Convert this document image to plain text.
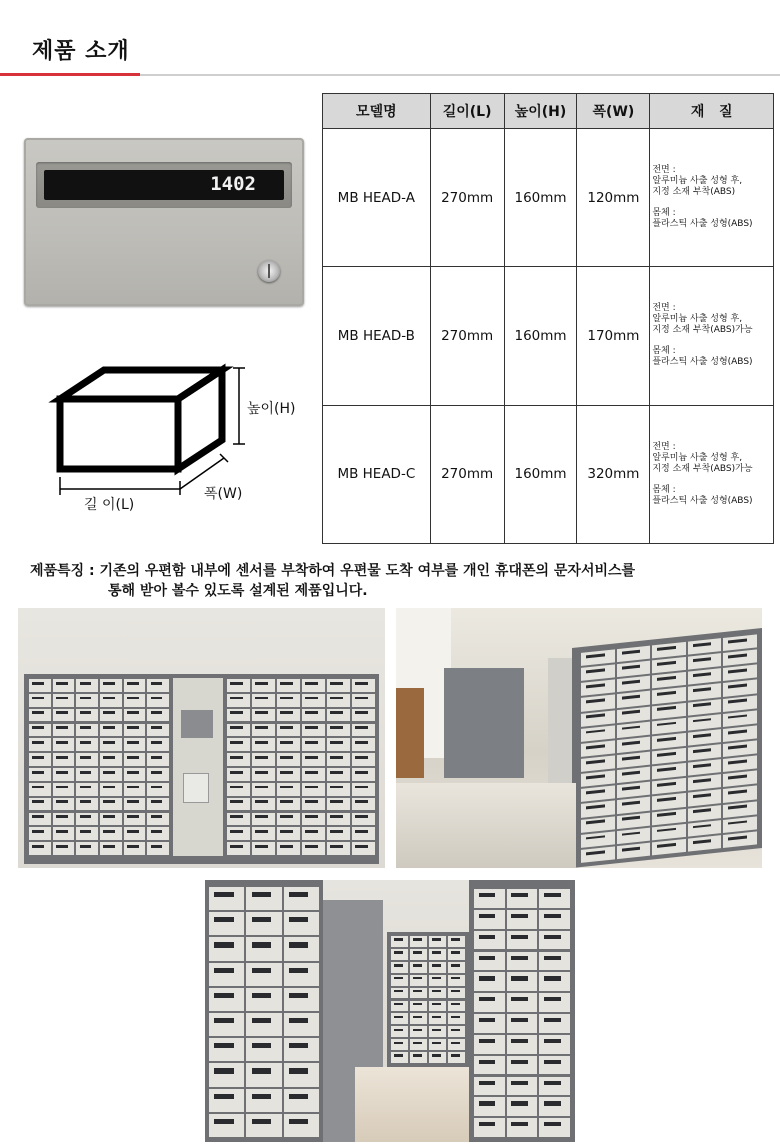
제품 소개
1402
높이(H)
폭(W)
길 이(L)
모델명	길이(L)	높이(H)	폭(W)	재   질
MB HEAD-A	270mm	160mm	120mm	전면 :
알루미늄 사출 성형 후,
지정 소재 부착(ABS)
몸체 :
플라스틱 사출 성형(ABS)

MB HEAD-B	270mm	160mm	170mm	전면 :
알루미늄 사출 성형 후,
지정 소재 부착(ABS)가능
몸체 :
플라스틱 사출 성형(ABS)

MB HEAD-C	270mm	160mm	320mm	전면 :
알루미늄 사출 성형 후,
지정 소재 부착(ABS)가능
몸체 :
플라스틱 사출 성형(ABS)
제품특징 : 기존의 우편함 내부에 센서를 부착하여 우편물 도착 여부를 개인 휴대폰의 문자서비스를
통해 받아 볼수 있도록 설계된 제품입니다.
